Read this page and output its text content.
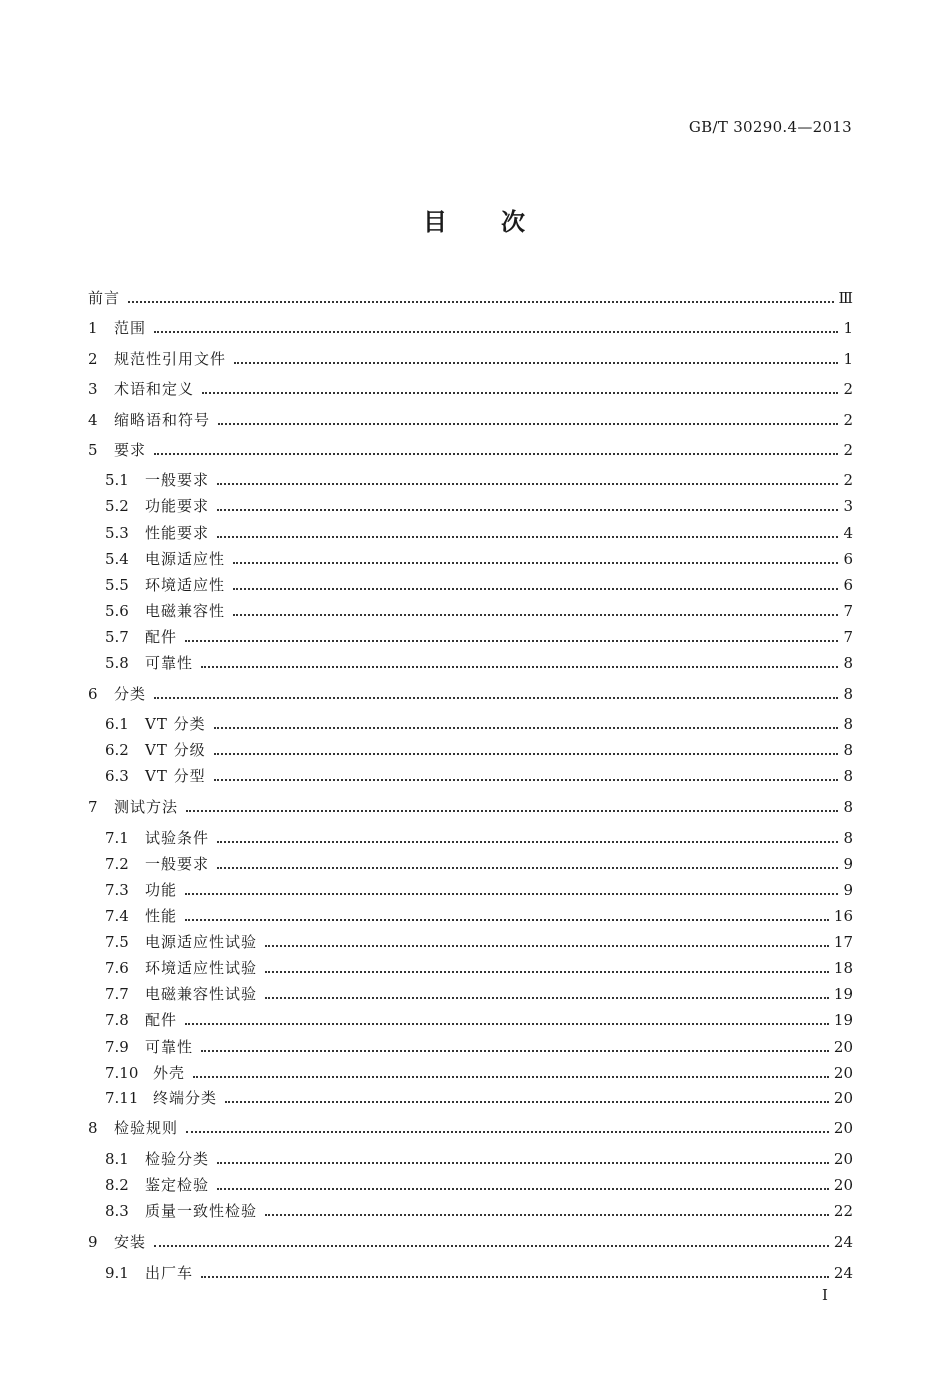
GB/T 30290.4—2013
目 次
前言	Ⅲ
1	范围	1
2	规范性引用文件	1
3	术语和定义	2
4	缩略语和符号	2
5	要求	2
5.1	一般要求	2
5.2	功能要求	3
5.3	性能要求	4
5.4	电源适应性	6
5.5	环境适应性	6
5.6	电磁兼容性	7
5.7	配件	7
5.8	可靠性	8
6	分类	8
6.1	VT 分类	8
6.2	VT 分级	8
6.3	VT 分型	8
7	测试方法	8
7.1	试验条件	8
7.2	一般要求	9
7.3	功能	9
7.4	性能	16
7.5	电源适应性试验	17
7.6	环境适应性试验	18
7.7	电磁兼容性试验	19
7.8	配件	19
7.9	可靠性	20
7.10 外壳	20
7.11 终端分类	20
8	检验规则	20
8.1	检验分类	20
8.2	鉴定检验	20
8.3	质量一致性检验	22
9	安装	24
9.1	出厂车	24
I
